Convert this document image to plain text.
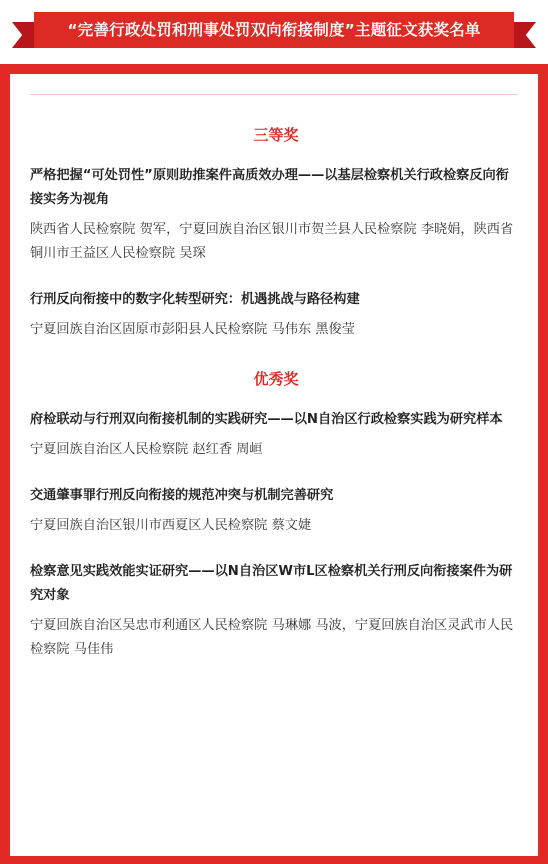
“完善行政处罚和刑事处罚双向衔接制度”主题征文获奖名单
三等奖

严格把握“可处罚性”原则助推案件高质效办理——以基层检察机关行政检察反向衔接实务为视角

陕西省人民检察院 贺军，宁夏回族自治区银川市贺兰县人民检察院 李晓娟，陕西省铜川市王益区人民检察院 吴琛

行刑反向衔接中的数字化转型研究：机遇挑战与路径构建

宁夏回族自治区固原市彭阳县人民检察院 马伟东 黑俊莹

优秀奖

府检联动与行刑双向衔接机制的实践研究——以N自治区行政检察实践为研究样本

宁夏回族自治区人民检察院 赵红香 周峘

交通肇事罪行刑反向衔接的规范冲突与机制完善研究

宁夏回族自治区银川市西夏区人民检察院 蔡文婕

检察意见实践效能实证研究——以N自治区W市L区检察机关行刑反向衔接案件为研究对象

宁夏回族自治区吴忠市利通区人民检察院 马琳娜 马波，宁夏回族自治区灵武市人民检察院 马佳伟
